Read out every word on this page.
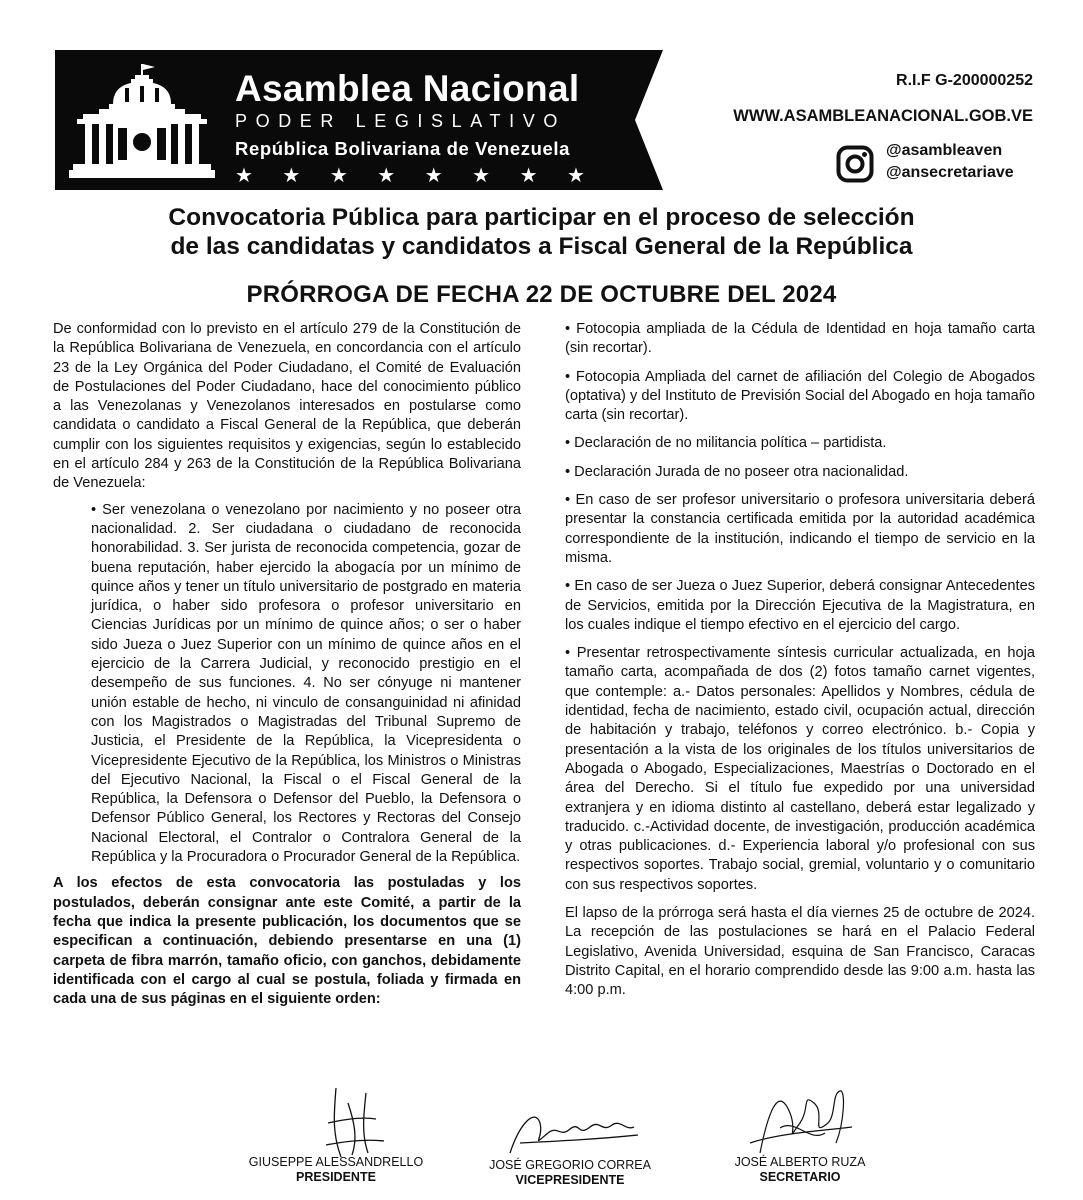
Asamblea Nacional
PODER LEGISLATIVO
República Bolivariana de Venezuela
★★★★★★★★
R.I.F G-200000252
WWW.ASAMBLEANACIONAL.GOB.VE
@asambleaven
@ansecretariave
Convocatoria Pública para participar en el proceso de selección
de las candidatas y candidatos a Fiscal General de la República
PRÓRROGA DE FECHA 22 DE OCTUBRE DEL 2024

De conformidad con lo previsto en el artículo 279 de la Constitución de la República Bolivariana de Venezuela, en concordancia con el artículo 23 de la Ley Orgánica del Poder Ciudadano, el Comité de Evaluación de Postulaciones del Poder Ciudadano, hace del conocimiento público a las Venezolanas y Venezolanos interesados en postularse como candidata o candidato a Fiscal General de la República, que deberán cumplir con los siguientes requisitos y exigencias, según lo establecido en el artículo 284 y 263 de la Constitución de la República Bolivariana de Venezuela:

• Ser venezolana o venezolano por nacimiento y no poseer otra nacionalidad. 2. Ser ciudadana o ciudadano de reconocida honorabilidad. 3. Ser jurista de reconocida competencia, gozar de buena reputación, haber ejercido la abogacía por un mínimo de quince años y tener un título universitario de postgrado en materia jurídica, o haber sido profesora o profesor universitario en Ciencias Jurídicas por un mínimo de quince años; o ser o haber sido Jueza o Juez Superior con un mínimo de quince años en el ejercicio de la Carrera Judicial, y reconocido prestigio en el desempeño de sus funciones. 4. No ser cónyuge ni mantener unión estable de hecho, ni vinculo de consanguinidad ni afinidad con los Magistrados o Magistradas del Tribunal Supremo de Justicia, el Presidente de la República, la Vicepresidenta o Vicepresidente Ejecutivo de la República, los Ministros o Ministras del Ejecutivo Nacional, la Fiscal o el Fiscal General de la República, la Defensora o Defensor del Pueblo, la Defensora o Defensor Público General, los Rectores y Rectoras del Consejo Nacional Electoral, el Contralor o Contralora General de la República y la Procuradora o Procurador General de la República.

A los efectos de esta convocatoria las postuladas y los postulados, deberán consignar ante este Comité, a partir de la fecha que indica la presente publicación, los documentos que se especifican a continuación, debiendo presentarse en una (1) carpeta de fibra marrón, tamaño oficio, con ganchos, debidamente identificada con el cargo al cual se postula, foliada y firmada en cada una de sus páginas en el siguiente orden:

• Fotocopia ampliada de la Cédula de Identidad en hoja tamaño carta (sin recortar).

• Fotocopia Ampliada del carnet de afiliación del Colegio de Abogados (optativa) y del Instituto de Previsión Social del Abogado en hoja tamaño carta (sin recortar).

• Declaración de no militancia política – partidista.

• Declaración Jurada de no poseer otra nacionalidad.

• En caso de ser profesor universitario o profesora universitaria deberá presentar la constancia certificada emitida por la autoridad académica correspondiente de la institución, indicando el tiempo de servicio en la misma.

• En caso de ser Jueza o Juez Superior, deberá consignar Antecedentes de Servicios, emitida por la Dirección Ejecutiva de la Magistratura, en los cuales indique el tiempo efectivo en el ejercicio del cargo.

• Presentar retrospectivamente síntesis curricular actualizada, en hoja tamaño carta, acompañada de dos (2) fotos tamaño carnet vigentes, que contemple: a.- Datos personales: Apellidos y Nombres, cédula de identidad, fecha de nacimiento, estado civil, ocupación actual, dirección de habitación y trabajo, teléfonos y correo electrónico. b.- Copia y presentación a la vista de los originales de los títulos universitarios de Abogada o Abogado, Especializaciones, Maestrías o Doctorado en el área del Derecho. Si el título fue expedido por una universidad extranjera y en idioma distinto al castellano, deberá estar legalizado y traducido. c.-Actividad docente, de investigación, producción académica y otras publicaciones. d.- Experiencia laboral y/o profesional con sus respectivos soportes. Trabajo social, gremial, voluntario y o comunitario con sus respectivos soportes.

El lapso de la prórroga será hasta el día viernes 25 de octubre de 2024. La recepción de las postulaciones se hará en el Palacio Federal Legislativo, Avenida Universidad, esquina de San Francisco, Caracas Distrito Capital, en el horario comprendido desde las 9:00 a.m. hasta las 4:00 p.m.

GIUSEPPE ALESSANDRELLO
PRESIDENTE
JOSÉ GREGORIO CORREA
VICEPRESIDENTE
JOSÉ ALBERTO RUZA
SECRETARIO
